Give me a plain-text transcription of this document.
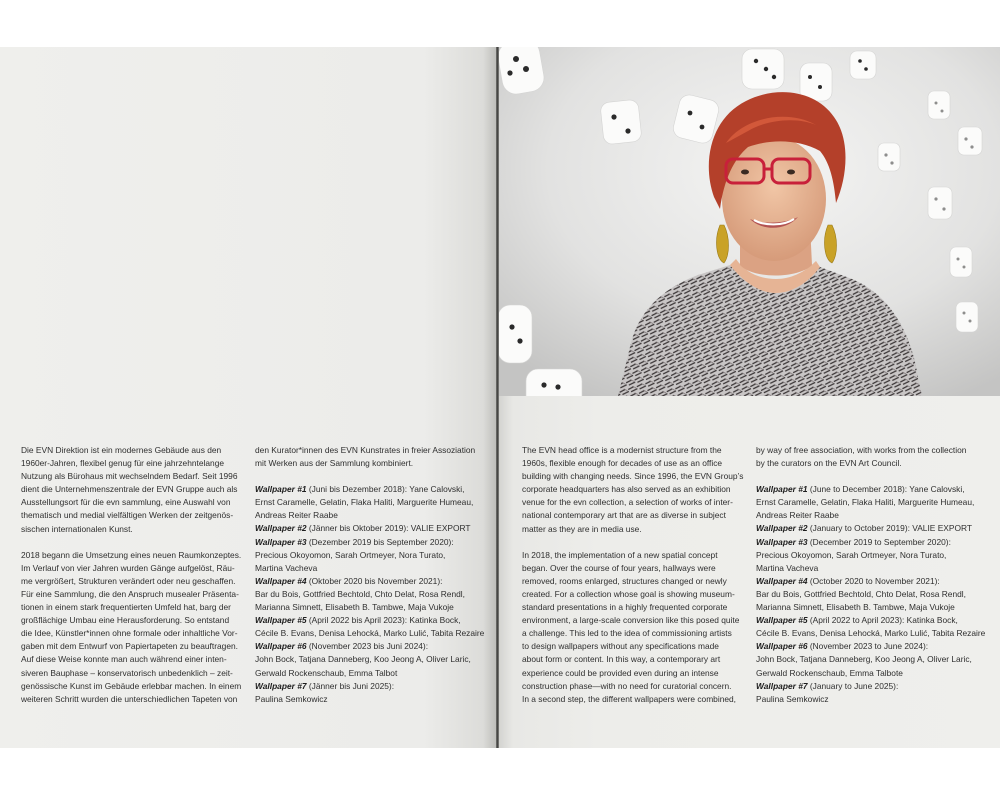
Die EVN Direktion ist ein modernes Gebäude aus den
1960er-Jahren, flexibel genug für eine jahrzehntelange
Nutzung als Bürohaus mit wechselndem Bedarf. Seit 1996
dient die Unternehmenszentrale der EVN Gruppe auch als
Ausstellungsort für die evn sammlung, eine Auswahl von
thematisch und medial vielfältigen Werken der zeitgenös-
sischen internationalen Kunst.

2018 begann die Umsetzung eines neuen Raumkonzeptes.
Im Verlauf von vier Jahren wurden Gänge aufgelöst, Räu-
me vergrößert, Strukturen verändert oder neu geschaffen.
Für eine Sammlung, die den Anspruch musealer Präsenta-
tionen in einem stark frequentierten Umfeld hat, barg der
großflächige Umbau eine Herausforderung. So entstand
die Idee, Künstler*innen ohne formale oder inhaltliche Vor-
gaben mit dem Entwurf von Papiertapeten zu beauftragen.
Auf diese Weise konnte man auch während einer inten-
siveren Bauphase – konservatorisch unbedenklich – zeit-
genössische Kunst im Gebäude erlebbar machen. In einem
weiteren Schritt wurden die unterschiedlichen Tapeten von

den Kurator*innen des EVN Kunstrates in freier Assoziation
mit Werken aus der Sammlung kombiniert.

Wallpaper #1 (Juni bis Dezember 2018): Yane Calovski,
Ernst Caramelle, Gelatin, Flaka Haliti, Marguerite Humeau,
Andreas Reiter Raabe
Wallpaper #2 (Jänner bis Oktober 2019): VALIE EXPORT
Wallpaper #3 (Dezember 2019 bis September 2020):
Precious Okoyomon, Sarah Ortmeyer, Nora Turato,
Martina Vacheva
Wallpaper #4 (Oktober 2020 bis November 2021):
Bar du Bois, Gottfried Bechtold, Chto Delat, Rosa Rendl,
Marianna Simnett, Elisabeth B. Tambwe, Maja Vukoje
Wallpaper #5 (April 2022 bis April 2023): Katinka Bock,
Cécile B. Evans, Denisa Lehocká, Marko Lulić, Tabita Rezaire
Wallpaper #6 (November 2023 bis Juni 2024):
John Bock, Tatjana Danneberg, Koo Jeong A, Oliver Laric,
Gerwald Rockenschaub, Emma Talbot
Wallpaper #7 (Jänner bis Juni 2025):
Paulina Semkowicz

The EVN head office is a modernist structure from the
1960s, flexible enough for decades of use as an office
building with changing needs. Since 1996, the EVN Group’s
corporate headquarters has also served as an exhibition
venue for the evn collection, a selection of works of inter-
national contemporary art that are as diverse in subject
matter as they are in media use.

In 2018, the implementation of a new spatial concept
began. Over the course of four years, hallways were
removed, rooms enlarged, structures changed or newly
created. For a collection whose goal is showing museum-
standard presentations in a highly frequented corporate
environment, a large-scale conversion like this posed quite
a challenge. This led to the idea of commissioning artists
to design wallpapers without any specifications made
about form or content. In this way, a contemporary art
experience could be provided even during an intense
construction phase—with no need for curatorial concern.
In a second step, the different wallpapers were combined,

by way of free association, with works from the collection
by the curators on the EVN Art Council.

Wallpaper #1 (June to December 2018): Yane Calovski,
Ernst Caramelle, Gelatin, Flaka Haliti, Marguerite Humeau,
Andreas Reiter Raabe
Wallpaper #2 (January to October 2019): VALIE EXPORT
Wallpaper #3 (December 2019 to September 2020):
Precious Okoyomon, Sarah Ortmeyer, Nora Turato,
Martina Vacheva
Wallpaper #4 (October 2020 to November 2021):
Bar du Bois, Gottfried Bechtold, Chto Delat, Rosa Rendl,
Marianna Simnett, Elisabeth B. Tambwe, Maja Vukoje
Wallpaper #5 (April 2022 to April 2023): Katinka Bock,
Cécile B. Evans, Denisa Lehocká, Marko Lulić, Tabita Rezaire
Wallpaper #6 (November 2023 to June 2024):
John Bock, Tatjana Danneberg, Koo Jeong A, Oliver Laric,
Gerwald Rockenschaub, Emma Talbote
Wallpaper #7 (January to June 2025):
Paulina Semkowicz
